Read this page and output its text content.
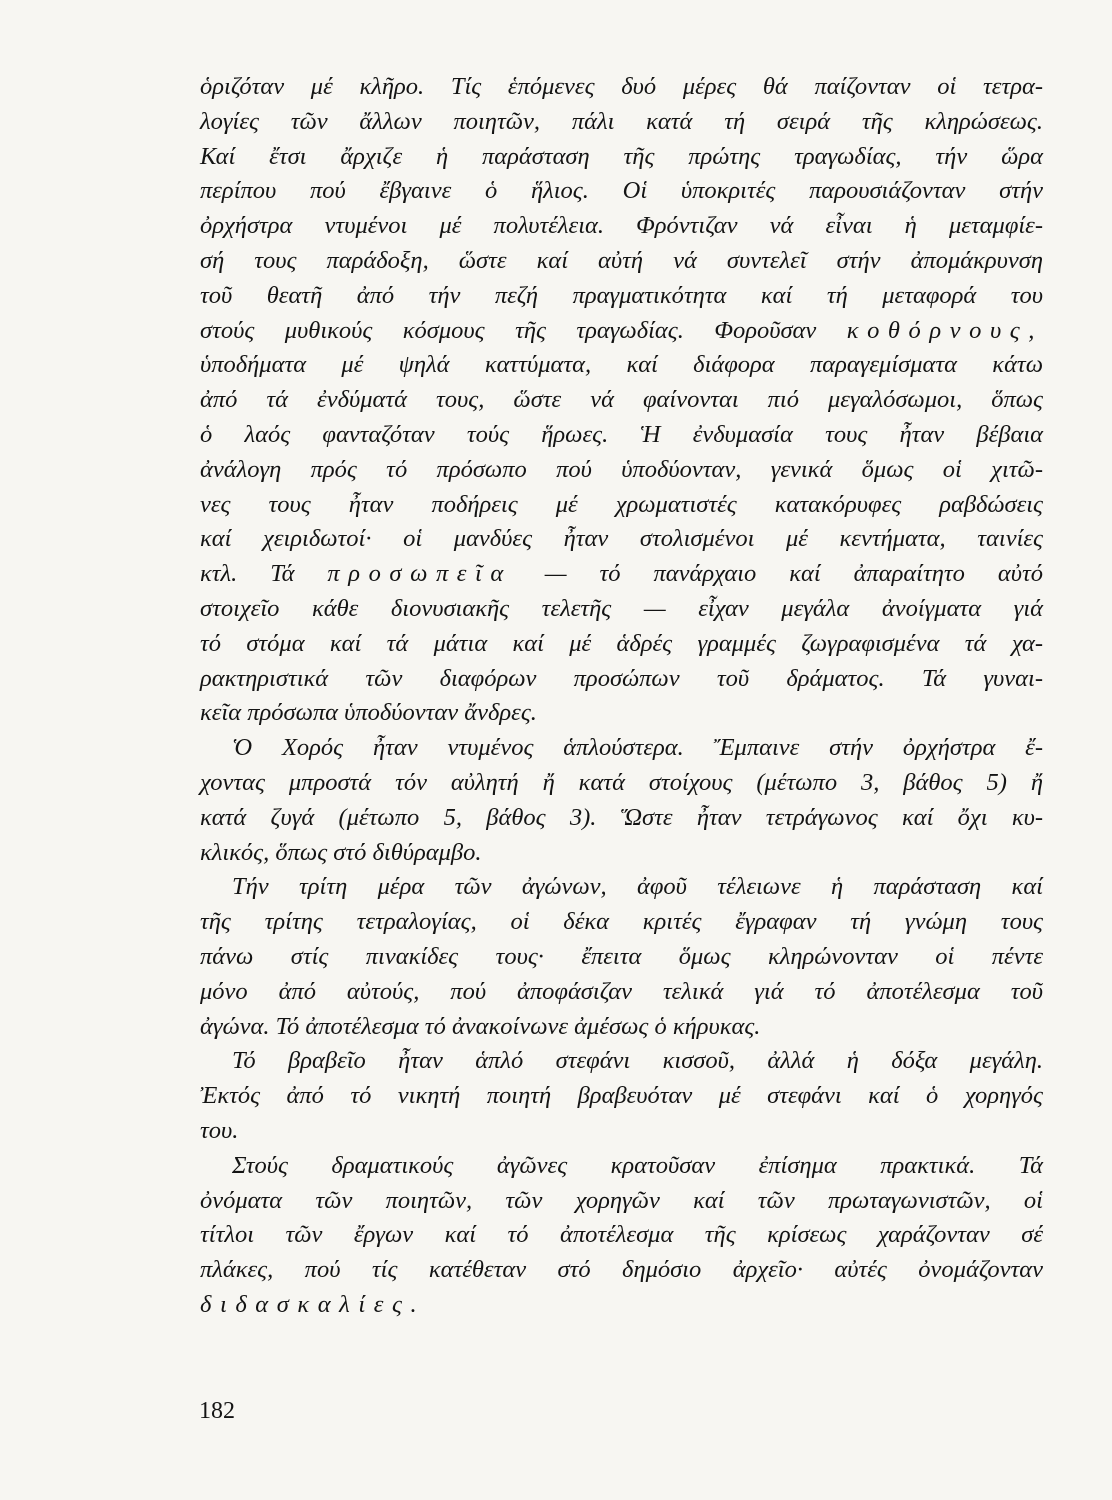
ὁριζόταν μέ κλῆρο. Τίς ἑπόμενες δυό μέρες θά παίζονταν οἱ τετρα-
λογίες τῶν ἄλλων ποιητῶν, πάλι κατά τή σειρά τῆς κληρώσεως.
Καί ἔτσι ἄρχιζε ἡ παράσταση τῆς πρώτης τραγωδίας, τήν ὥρα
περίπου πού ἔβγαινε ὁ ἥλιος. Οἱ ὑποκριτές παρουσιάζονταν στήν
ὀρχήστρα ντυμένοι μέ πολυτέλεια. Φρόντιζαν νά εἶναι ἡ μεταμφίε-
σή τους παράδοξη, ὥστε καί αὐτή νά συντελεῖ στήν ἀπομάκρυνση
τοῦ θεατῆ ἀπό τήν πεζή πραγματικότητα καί τή μεταφορά του
στούς μυθικούς κόσμους τῆς τραγωδίας. Φοροῦσαν κοθόρνους,
ὑποδήματα μέ ψηλά καττύματα, καί διάφορα παραγεμίσματα κάτω
ἀπό τά ἐνδύματά τους, ὥστε νά φαίνονται πιό μεγαλόσωμοι, ὅπως
ὁ λαός φανταζόταν τούς ἥρωες. Ἡ ἐνδυμασία τους ἦταν βέβαια
ἀνάλογη πρός τό πρόσωπο πού ὑποδύονταν, γενικά ὅμως οἱ χιτῶ-
νες τους ἦταν ποδήρεις μέ χρωματιστές κατακόρυφες ραβδώσεις
καί χειριδωτοί· οἱ μανδύες ἦταν στολισμένοι μέ κεντήματα, ταινίες
κτλ. Τά προσωπεῖα — τό πανάρχαιο καί ἀπαραίτητο αὐτό
στοιχεῖο κάθε διονυσιακῆς τελετῆς — εἶχαν μεγάλα ἀνοίγματα γιά
τό στόμα καί τά μάτια καί μέ ἁδρές γραμμές ζωγραφισμένα τά χα-
ρακτηριστικά τῶν διαφόρων προσώπων τοῦ δράματος. Τά γυναι-
κεῖα πρόσωπα ὑποδύονταν ἄνδρες.
Ὁ Χορός ἦταν ντυμένος ἁπλούστερα. Ἔμπαινε στήν ὀρχήστρα ἔ-
χοντας μπροστά τόν αὐλητή ἤ κατά στοίχους (μέτωπο 3, βάθος 5) ἤ
κατά ζυγά (μέτωπο 5, βάθος 3). Ὥστε ἦταν τετράγωνος καί ὄχι κυ-
κλικός, ὅπως στό διθύραμβο.
Τήν τρίτη μέρα τῶν ἀγώνων, ἀφοῦ τέλειωνε ἡ παράσταση καί
τῆς τρίτης τετραλογίας, οἱ δέκα κριτές ἔγραφαν τή γνώμη τους
πάνω στίς πινακίδες τους· ἔπειτα ὅμως κληρώνονταν οἱ πέντε
μόνο ἀπό αὐτούς, πού ἀποφάσιζαν τελικά γιά τό ἀποτέλεσμα τοῦ
ἀγώνα. Τό ἀποτέλεσμα τό ἀνακοίνωνε ἀμέσως ὁ κήρυκας.
Τό βραβεῖο ἦταν ἁπλό στεφάνι κισσοῦ, ἀλλά ἡ δόξα μεγάλη.
Ἐκτός ἀπό τό νικητή ποιητή βραβευόταν μέ στεφάνι καί ὁ χορηγός
του.
Στούς δραματικούς ἀγῶνες κρατοῦσαν ἐπίσημα πρακτικά. Τά
ὀνόματα τῶν ποιητῶν, τῶν χορηγῶν καί τῶν πρωταγωνιστῶν, οἱ
τίτλοι τῶν ἔργων καί τό ἀποτέλεσμα τῆς κρίσεως χαράζονταν σέ
πλάκες, πού τίς κατέθεταν στό δημόσιο ἀρχεῖο· αὐτές ὀνομάζονταν
διδασκαλίες.
182
